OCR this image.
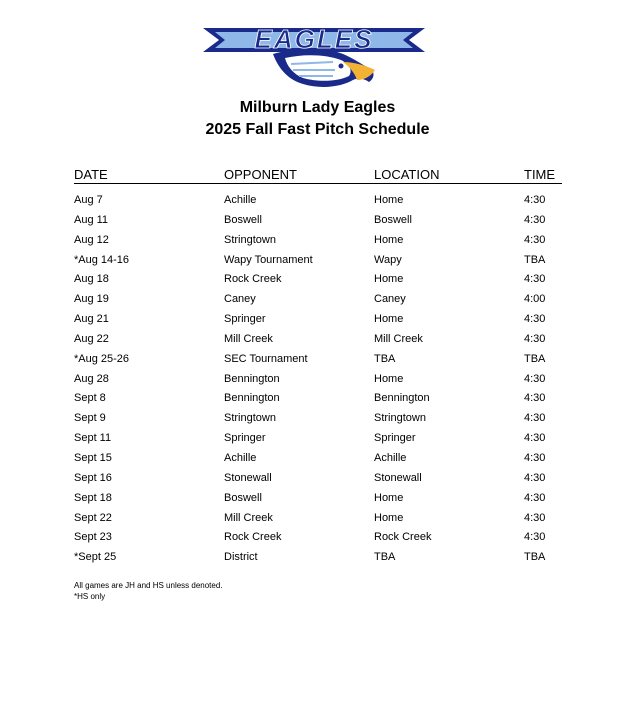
EAGLES
Milburn Lady Eagles
2025 Fall Fast Pitch Schedule
DATE	OPPONENT	LOCATION	TIME
Aug 7	Achille	Home	4:30
Aug 11	Boswell	Boswell	4:30
Aug 12	Stringtown	Home	4:30
*Aug 14-16	Wapy Tournament	Wapy	TBA
Aug 18	Rock Creek	Home	4:30
Aug 19	Caney	Caney	4:00
Aug 21	Springer	Home	4:30
Aug 22	Mill Creek	Mill Creek	4:30
*Aug 25-26	SEC Tournament	TBA	TBA
Aug 28	Bennington	Home	4:30
Sept 8	Bennington	Bennington	4:30
Sept 9	Stringtown	Stringtown	4:30
Sept 11	Springer	Springer	4:30
Sept 15	Achille	Achille	4:30
Sept 16	Stonewall	Stonewall	4:30
Sept 18	Boswell	Home	4:30
Sept 22	Mill Creek	Home	4:30
Sept 23	Rock Creek	Rock Creek	4:30
*Sept 25	District	TBA	TBA
All games are JH and HS unless denoted.
*HS only
